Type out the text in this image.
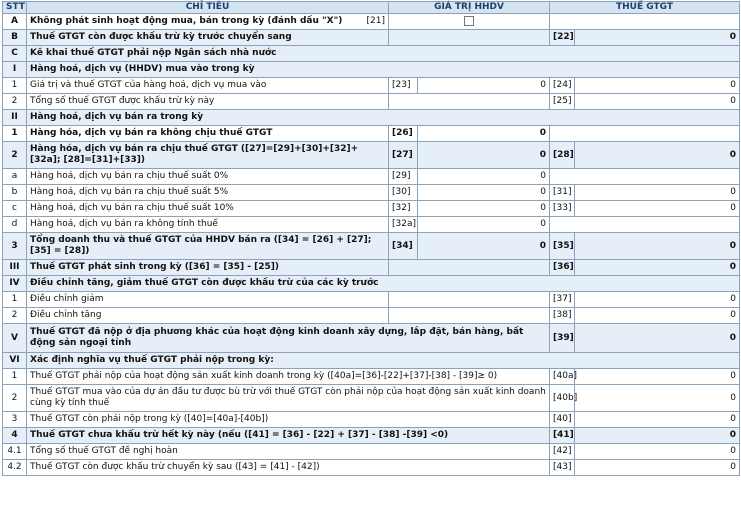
STT	CHỈ TIÊU	GIÁ TRỊ HHDV		THUẾ GTGT	
A	Không phát sinh hoạt động mua, bán trong kỳ (đánh dấu "X") [21]				

B	Thuế GTGT còn được khấu trừ kỳ trước chuyển sang			[22]	0
C	Kê khai thuế GTGT phải nộp Ngân sách nhà nước				
I	Hàng hoá, dịch vụ (HHDV) mua vào trong kỳ				
1	Giá trị và thuế GTGT của hàng hoá, dịch vụ mua vào	[23]	0	[24]	0
2	Tổng số thuế GTGT được khấu trừ kỳ này			[25]	0
II	Hàng hoá, dịch vụ bán ra trong kỳ				
1	Hàng hóa, dịch vụ bán ra không chịu thuế GTGT	[26]	0		
2	Hàng hóa, dịch vụ bán ra chịu thuế GTGT ([27]=[29]+[30]+[32]+[32a]; [28]=[31]+[33])	[27]	0	[28]	0
a	Hàng hoá, dịch vụ bán ra chịu thuế suất 0%	[29]	0		
b	Hàng hoá, dịch vụ bán ra chịu thuế suất 5%	[30]	0	[31]	0
c	Hàng hoá, dịch vụ bán ra chịu thuế suất 10%	[32]	0	[33]	0
d	Hàng hoá, dịch vụ bán ra không tính thuế	[32a]	0		
3	Tổng doanh thu và thuế GTGT của HHDV bán ra ([34] = [26] + [27]; [35] = [28])	[34]	0	[35]	0
III	Thuế GTGT phát sinh trong kỳ ([36] = [35] - [25])			[36]	0
IV	Điều chỉnh tăng, giảm thuế GTGT còn được khấu trừ của các kỳ trước				
1	Điều chỉnh giảm			[37]	0
2	Điều chỉnh tăng			[38]	0
V	Thuế GTGT đã nộp ở địa phương khác của hoạt động kinh doanh xây dựng, lắp đặt, bán hàng, bất động sản ngoại tỉnh			[39]	0
VI	Xác định nghĩa vụ thuế GTGT phải nộp trong kỳ:				
1	Thuế GTGT phải nộp của hoạt động sản xuất kinh doanh trong kỳ ([40a]=[36]-[22]+[37]-[38] - [39]≥ 0)			[40a]	0
2	Thuế GTGT mua vào của dự án đầu tư được bù trừ với thuế GTGT còn phải nộp của hoạt động sản xuất kinh doanh cùng kỳ tính thuế			[40b]	0
3	Thuế GTGT còn phải nộp trong kỳ ([40]=[40a]-[40b])			[40]	0
4	Thuế GTGT chưa khấu trừ hết kỳ này (nếu ([41] = [36] - [22] + [37] - [38] -[39] <0)			[41]	0
4.1	Tổng số thuế GTGT đề nghị hoàn			[42]	0
4.2	Thuế GTGT còn được khấu trừ chuyển kỳ sau ([43] = [41] - [42])			[43]	0
